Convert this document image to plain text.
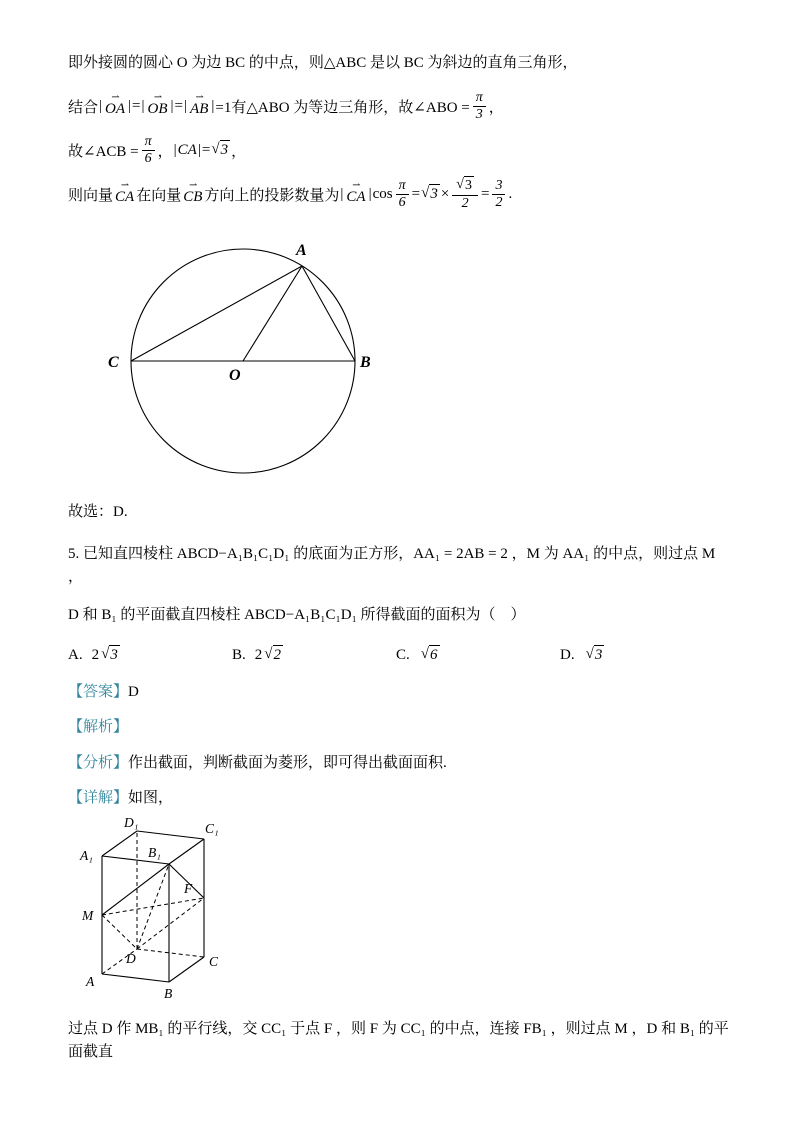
即外接圆的圆心 O 为边 BC 的中点，则△ABC 是以 BC 为斜边的直角三角形，
结合 |
⇀
OA | = |
⇀
OB | = |
⇀
AB | =1有△ABO 为等边三角形，故∠ABO = $\frac{\pi}{3}$ ，
故∠ACB = $\frac{\pi}{6}$ ， | CA | = √ 3 ，
则向量
⇀
CA 在向量
⇀
CB 方向上的投影数量为 |
⇀
CA | $\cos \frac{\pi}{6}$ = √ $3 \times \frac{√ 3}{2} = \frac{3}{2}$ .
A
C	B
O
故选：D.
5. 已知直四棱柱 ABCD−A₁B₁C₁D₁ 的底面为正方形，AA₁ = 2AB = 2 ，M 为 AA₁ 的中点，则过点 M ，
D 和 B₁ 的平面截直四棱柱 ABCD−A₁B₁C₁D₁ 所得截面的面积为（　）
A. 2 √ 3	B. 2 √ 2	C. √ 6	D. √ 3
【答案】D
【解析】
【分析】作出截面，判断截面为菱形，即可得出截面面积.
【详解】如图，
D₁	C₁
A₁	B₁
M
F
D	C
A
B
过点 D 作 MB₁ 的平行线，交 CC₁ 于点 F ，则 F 为 CC₁ 的中点，连接 FB₁ ，则过点 M ，D 和 B₁ 的平面截直
